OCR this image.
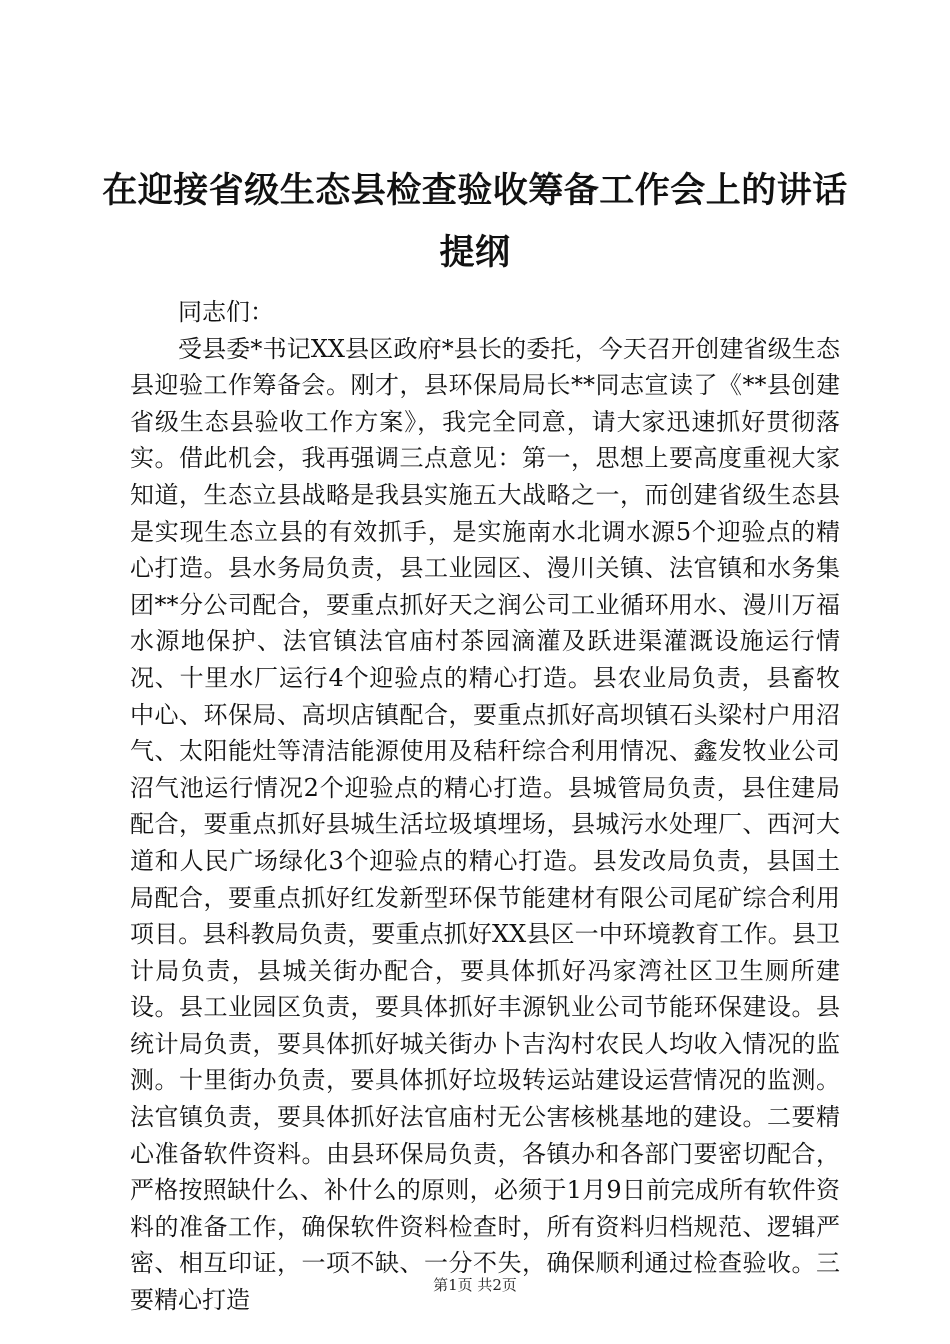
在迎接省级生态县检查验收筹备工作会上的讲话提纲

同志们：

受县委*书记XX县区政府*县长的委托，今天召开创建省级生态县迎验工作筹备会。刚才，县环保局局长**同志宣读了《**县创建省级生态县验收工作方案》，我完全同意，请大家迅速抓好贯彻落实。借此机会，我再强调三点意见：第一，思想上要高度重视大家知道，生态立县战略是我县实施五大战略之一，而创建省级生态县是实现生态立县的有效抓手，是实施南水北调水源5个迎验点的精心打造。县水务局负责，县工业园区、漫川关镇、法官镇和水务集团**分公司配合，要重点抓好天之润公司工业循环用水、漫川万福水源地保护、法官镇法官庙村茶园滴灌及跃进渠灌溉设施运行情况、十里水厂运行4个迎验点的精心打造。县农业局负责，县畜牧中心、环保局、高坝店镇配合，要重点抓好高坝镇石头梁村户用沼气、太阳能灶等清洁能源使用及秸秆综合利用情况、鑫发牧业公司沼气池运行情况2个迎验点的精心打造。县城管局负责，县住建局配合，要重点抓好县城生活垃圾填埋场，县城污水处理厂、西河大道和人民广场绿化3个迎验点的精心打造。县发改局负责，县国土局配合，要重点抓好红发新型环保节能建材有限公司尾矿综合利用项目。县科教局负责，要重点抓好XX县区一中环境教育工作。县卫计局负责，县城关街办配合，要具体抓好冯家湾社区卫生厕所建设。县工业园区负责，要具体抓好丰源钒业公司节能环保建设。县统计局负责，要具体抓好城关街办卜吉沟村农民人均收入情况的监测。十里街办负责，要具体抓好垃圾转运站建设运营情况的监测。法官镇负责，要具体抓好法官庙村无公害核桃基地的建设。二要精心准备软件资料。由县环保局负责，各镇办和各部门要密切配合，严格按照缺什么、补什么的原则，必须于1月9日前完成所有软件资料的准备工作，确保软件资料检查时，所有资料归档规范、逻辑严密、相互印证，一项不缺、一分不失，确保顺利通过检查验收。三要精心打造

第1页 共2页
